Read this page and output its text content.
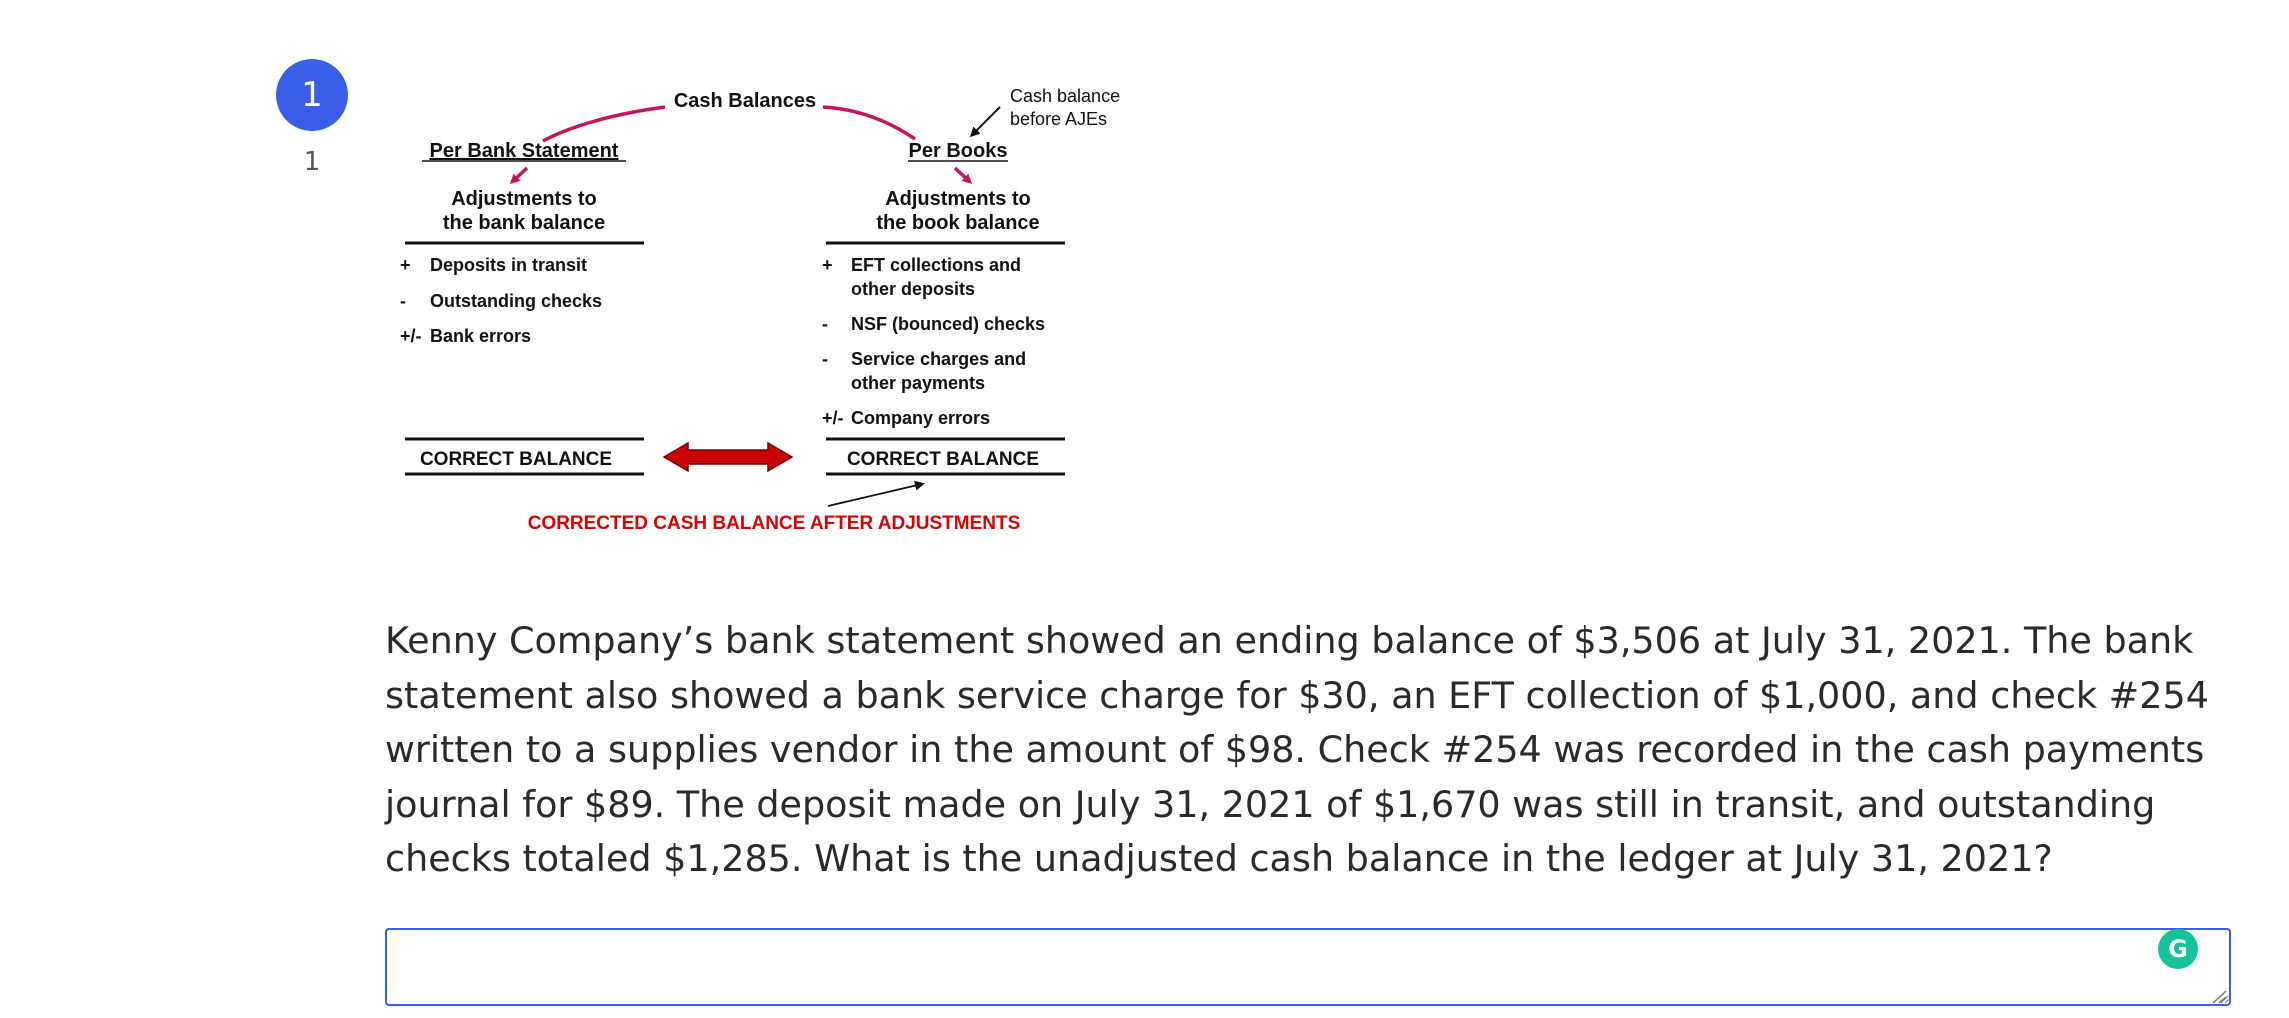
1
1
Cash Balances	Cash balance
before AJEs
Per Bank Statement
Adjustments to
the bank balance
+ Deposits in transit
- Outstanding checks
+/- Bank errors
CORRECT BALANCE
Per Books
Adjustments to
the book balance
+ EFT collections and
other deposits
- NSF (bounced) checks
- Service charges and
other payments
+/- Company errors
CORRECT BALANCE
CORRECTED CASH BALANCE AFTER ADJUSTMENTS

Kenny Company’s bank statement showed an ending balance of $3,506 at July 31, 2021. The bank statement also showed a bank service charge for $30, an EFT collection of $1,000, and check #254 written to a supplies vendor in the amount of $98. Check #254 was recorded in the cash payments journal for $89. The deposit made on July 31, 2021 of $1,670 was still in transit, and outstanding checks totaled $1,285. What is the unadjusted cash balance in the ledger at July 31, 2021?

G
